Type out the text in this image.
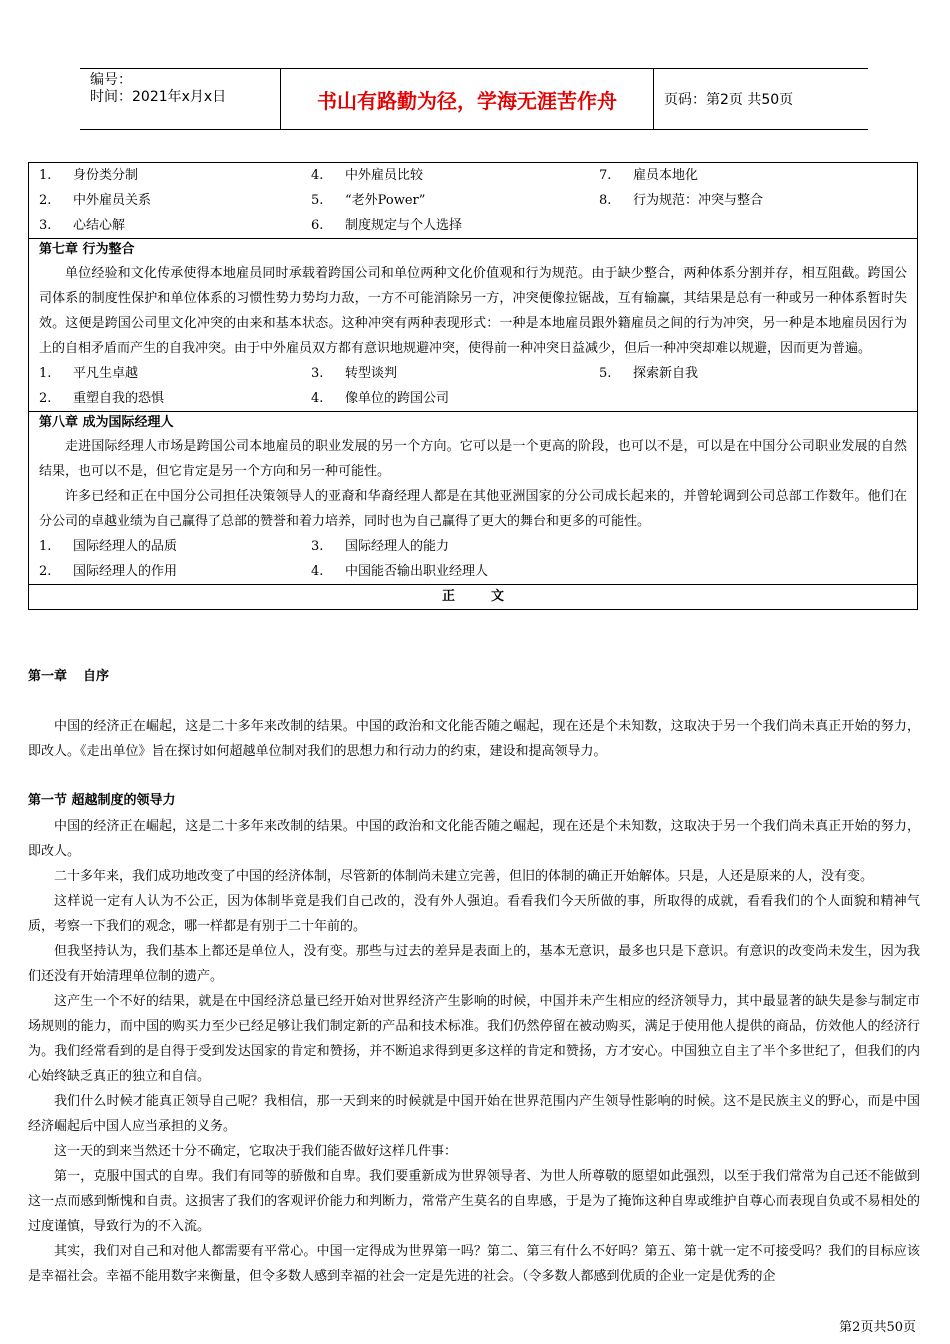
编号：
时间：2021年x月x日	书山有路勤为径，学海无涯苦作舟	页码：第2页 共50页
1.	身份类分制	4.	中外雇员比较	7.	雇员本地化
2.	中外雇员关系	5.	“老外Power”	8.	行为规范：冲突与整合
3.	心结心解	6.	制度规定与个人选择

第七章 行为整合

单位经验和文化传承使得本地雇员同时承载着跨国公司和单位两种文化价值观和行为规范。由于缺少整合，两种体系分割并存，相互阻截。跨国公司体系的制度性保护和单位体系的习惯性势力势均力敌，一方不可能消除另一方，冲突便像拉锯战，互有输赢，其结果是总有一种或另一种体系暂时失效。这便是跨国公司里文化冲突的由来和基本状态。这种冲突有两种表现形式：一种是本地雇员跟外籍雇员之间的行为冲突，另一种是本地雇员因行为上的自相矛盾而产生的自我冲突。由于中外雇员双方都有意识地规避冲突，使得前一种冲突日益减少，但后一种冲突却难以规避，因而更为普遍。

1.	平凡生卓越	3.	转型谈判	5.	探索新自我
2.	重塑自我的恐惧	4.	像单位的跨国公司

第八章 成为国际经理人

走进国际经理人市场是跨国公司本地雇员的职业发展的另一个方向。它可以是一个更高的阶段，也可以不是，可以是在中国分公司职业发展的自然结果，也可以不是，但它肯定是另一个方向和另一种可能性。

许多已经和正在中国分公司担任决策领导人的亚裔和华裔经理人都是在其他亚洲国家的分公司成长起来的，并曾轮调到公司总部工作数年。他们在分公司的卓越业绩为自己赢得了总部的赞誉和着力培养，同时也为自己赢得了更大的舞台和更多的可能性。

1.	国际经理人的品质	3.	国际经理人的能力
2.	国际经理人的作用	4.	中国能否输出职业经理人

正文
第一章 自序

中国的经济正在崛起，这是二十多年来改制的结果。中国的政治和文化能否随之崛起，现在还是个未知数，这取决于另一个我们尚未真正开始的努力，即改人。《走出单位》旨在探讨如何超越单位制对我们的思想力和行动力的约束，建设和提高领导力。

第一节 超越制度的领导力

中国的经济正在崛起，这是二十多年来改制的结果。中国的政治和文化能否随之崛起，现在还是个未知数，这取决于另一个我们尚未真正开始的努力，即改人。

二十多年来，我们成功地改变了中国的经济体制，尽管新的体制尚未建立完善，但旧的体制的确正开始解体。只是，人还是原来的人，没有变。

这样说一定有人认为不公正，因为体制毕竟是我们自己改的，没有外人强迫。看看我们今天所做的事，所取得的成就，看看我们的个人面貌和精神气质，考察一下我们的观念，哪一样都是有别于二十年前的。

但我坚持认为，我们基本上都还是单位人，没有变。那些与过去的差异是表面上的，基本无意识，最多也只是下意识。有意识的改变尚未发生，因为我们还没有开始清理单位制的遗产。

这产生一个不好的结果，就是在中国经济总量已经开始对世界经济产生影响的时候，中国并未产生相应的经济领导力，其中最显著的缺失是参与制定市场规则的能力，而中国的购买力至少已经足够让我们制定新的产品和技术标准。我们仍然停留在被动购买，满足于使用他人提供的商品，仿效他人的经济行为。我们经常看到的是自得于受到发达国家的肯定和赞扬，并不断追求得到更多这样的肯定和赞扬，方才安心。中国独立自主了半个多世纪了，但我们的内心始终缺乏真正的独立和自信。

我们什么时候才能真正领导自己呢？我相信，那一天到来的时候就是中国开始在世界范围内产生领导性影响的时候。这不是民族主义的野心，而是中国经济崛起后中国人应当承担的义务。

这一天的到来当然还十分不确定，它取决于我们能否做好这样几件事：

第一，克服中国式的自卑。我们有同等的骄傲和自卑。我们要重新成为世界领导者、为世人所尊敬的愿望如此强烈，以至于我们常常为自己还不能做到这一点而感到惭愧和自责。这损害了我们的客观评价能力和判断力，常常产生莫名的自卑感，于是为了掩饰这种自卑或维护自尊心而表现自负或不易相处的过度谨慎，导致行为的不入流。

其实，我们对自己和对他人都需要有平常心。中国一定得成为世界第一吗？第二、第三有什么不好吗？第五、第十就一定不可接受吗？我们的目标应该是幸福社会。幸福不能用数字来衡量，但令多数人感到幸福的社会一定是先进的社会。（令多数人都感到优质的企业一定是优秀的企

第2页共50页
